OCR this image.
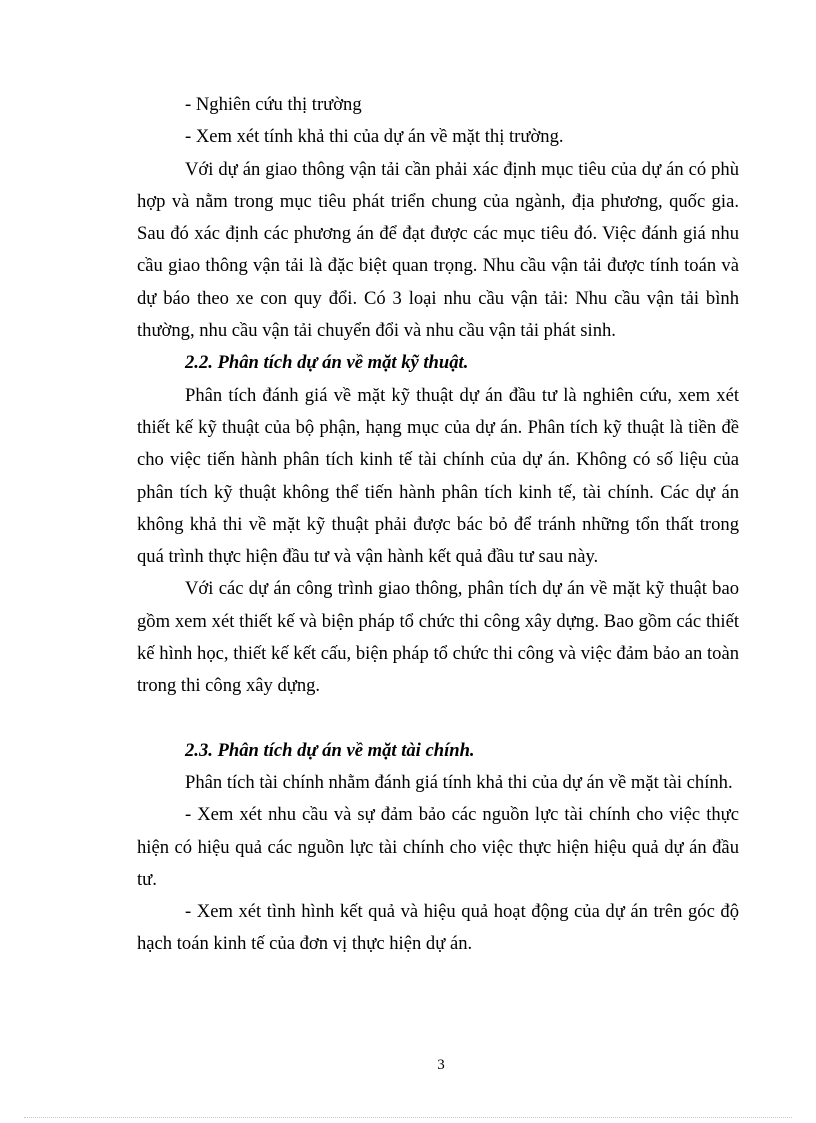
- Nghiên cứu thị trường

- Xem xét tính khả thi của dự án về mặt thị trường.

Với dự án giao thông vận tải cần phải xác định mục tiêu của dự án có phù hợp và nằm trong mục tiêu phát triển chung của ngành, địa phương, quốc gia. Sau đó xác định các phương án để đạt được các mục tiêu đó. Việc đánh giá nhu cầu giao thông vận tải là đặc biệt quan trọng. Nhu cầu vận tải được tính toán và dự báo theo xe con quy đổi. Có 3 loại nhu cầu vận tải: Nhu cầu vận tải bình thường, nhu cầu vận tải chuyển đổi và nhu cầu vận tải phát sinh.

2.2. Phân tích dự án về mặt kỹ thuật.

Phân tích đánh giá về mặt kỹ thuật dự án đầu tư là nghiên cứu, xem xét thiết kế kỹ thuật của bộ phận, hạng mục của dự án. Phân tích kỹ thuật là tiền đề cho việc tiến hành phân tích kinh tế tài chính của dự án. Không có số liệu của phân tích kỹ thuật không thể tiến hành phân tích kinh tế, tài chính. Các dự án không khả thi về mặt kỹ thuật phải được bác bỏ để tránh những tổn thất trong quá trình thực hiện đầu tư và vận hành kết quả đầu tư sau này.

Với các dự án công trình giao thông, phân tích dự án về mặt kỹ thuật bao gồm xem xét thiết kế và biện pháp tổ chức thi công xây dựng. Bao gồm các thiết kế hình học, thiết kế kết cấu, biện pháp tổ chức thi công và việc đảm bảo an toàn trong thi công xây dựng.

2.3. Phân tích dự án về mặt tài chính.

Phân tích tài chính nhằm đánh giá tính khả thi của dự án về mặt tài chính.

- Xem xét nhu cầu và sự đảm bảo các nguồn lực tài chính cho việc thực hiện có hiệu quả các nguồn lực tài chính cho việc thực hiện hiệu quả dự án đầu tư.

- Xem xét tình hình kết quả và hiệu quả hoạt động của dự án trên góc độ hạch toán kinh tế của đơn vị thực hiện dự án.

3
